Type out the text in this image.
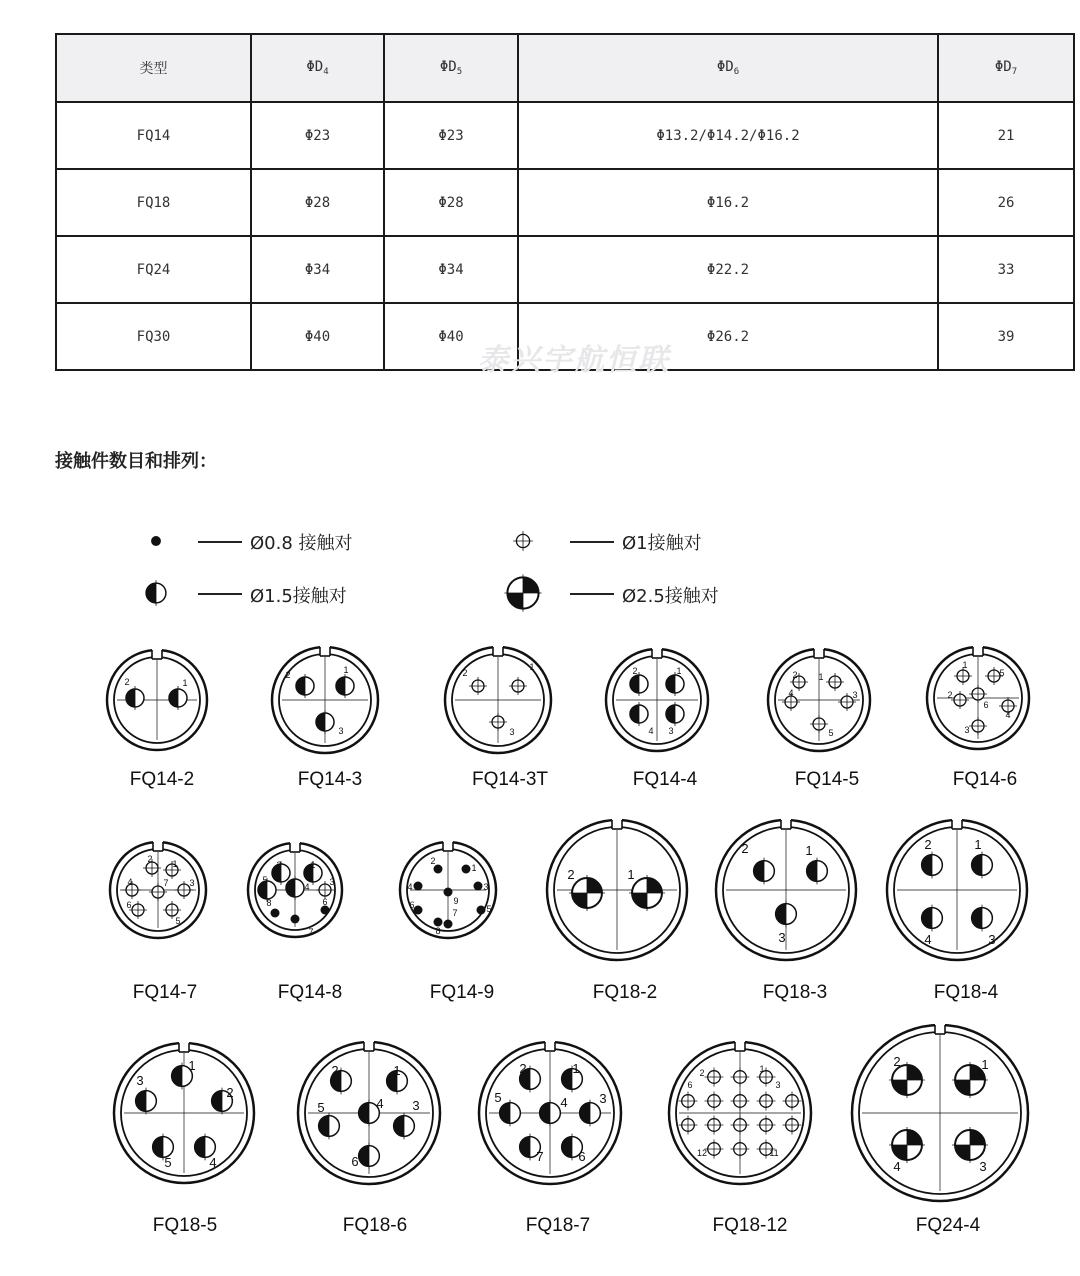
类型	$\Phi D_4$	$\Phi D_5$	$\Phi D_6$	$\Phi D_7$
FQ14	Φ23	Φ23	Φ13.2/Φ14.2/Φ16.2	21
FQ18	Φ28	Φ28	Φ16.2	26
FQ24	Φ34	Φ34	Φ22.2	33
FQ30	Φ40	Φ40	Φ26.2	39
泰兴宇航恒联
接触件数目和排列：
1
2
FQ14-2
1
2
3
FQ14-3
1
2
3
FQ14-3T
1
2
3
4
FQ14-4
1
2
3
4
5
FQ14-5
1
2
3
4
5
6
FQ14-6
1
2
3
4
5
6
7
FQ14-7
1
2
3
4
5
6
7
8
FQ14-8
1
2
3
4
5
6
7
8
9
FQ14-9
1
2
FQ18-2
1
2
3
FQ18-3
1
2
3
4
FQ18-4
1
2
3
4
5
FQ18-5
1
2
3
4
5
6
FQ18-6
1
2
3
4
5
6
7
FQ18-7
1
2
3
6
11
12
FQ18-12
1
2
3
4
FQ24-4
Ø0.8 接触对	Ø1接触对
Ø1.5接触对	Ø2.5接触对
